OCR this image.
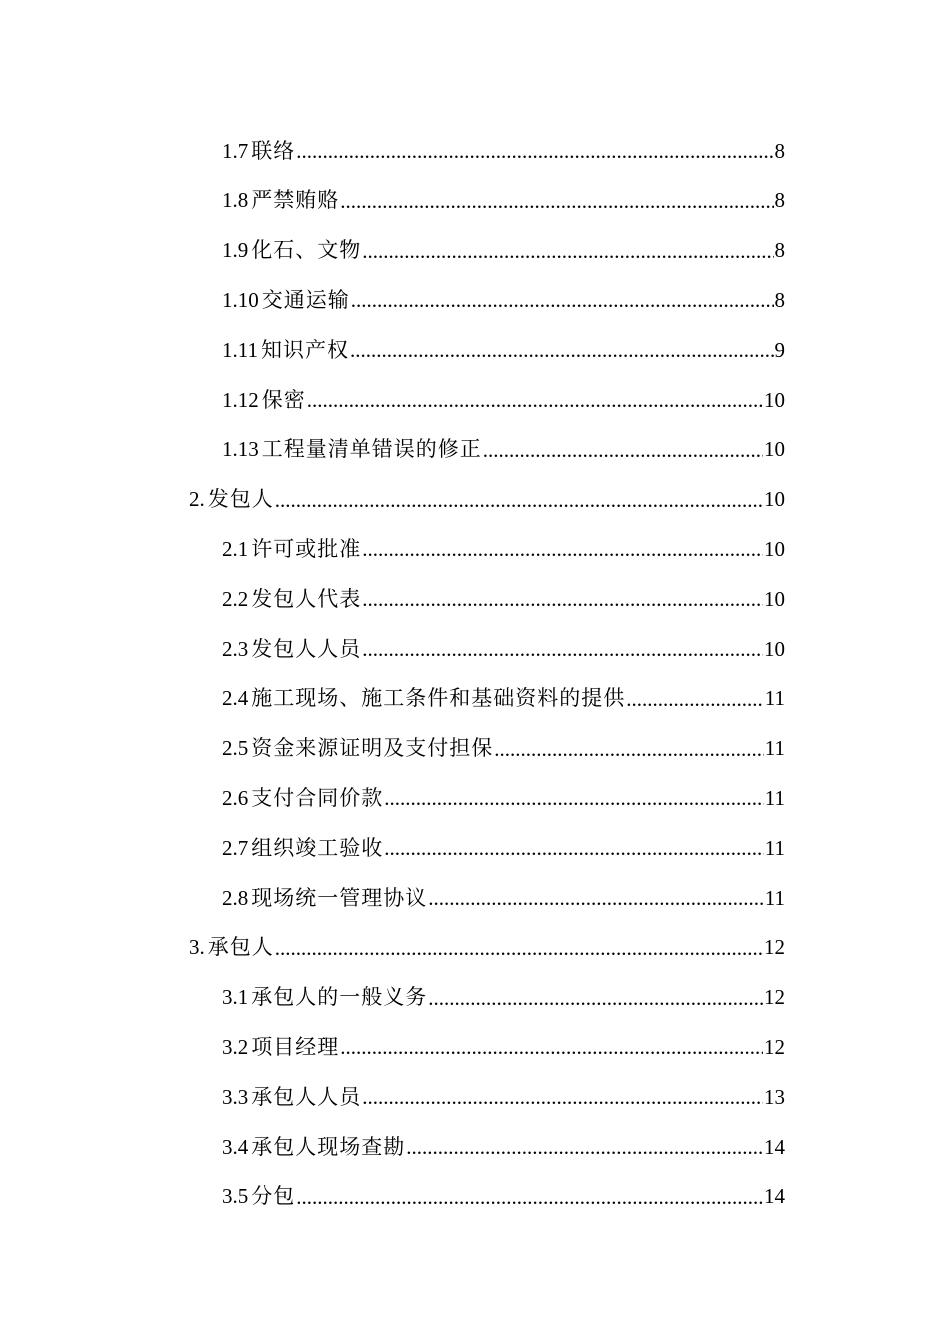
1.7 联络 .....	8
1.8 严禁贿赂 .....	8
1.9 化石、文物 .....	8
1.10 交通运输 .....	8
1.11 知识产权 .....	9
1.12 保密 .....	10
1.13 工程量清单错误的修正 .....	10
2. 发包人 .....	10
2.1 许可或批准 .....	10
2.2 发包人代表 .....	10
2.3 发包人人员 .....	10
2.4 施工现场、施工条件和基础资料的提供 .....	11
2.5 资金来源证明及支付担保 .....	11
2.6 支付合同价款 .....	11
2.7 组织竣工验收 .....	11
2.8 现场统一管理协议 .....	11
3. 承包人 .....	12
3.1 承包人的一般义务 .....	12
3.2 项目经理 .....	12
3.3 承包人人员 .....	13
3.4 承包人现场查勘 .....	14
3.5 分包 .....	14
